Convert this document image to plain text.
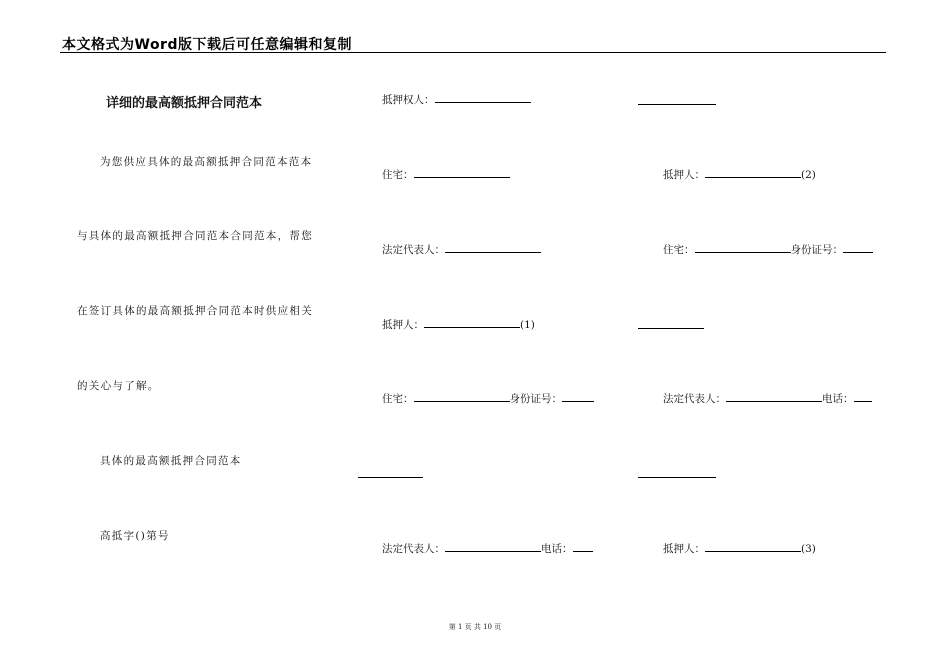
本文格式为Word版下载后可任意编辑和复制
详细的最高额抵押合同范本
为您供应具体的最高额抵押合同范本范本
与具体的最高额抵押合同范本合同范本，帮您
在签订具体的最高额抵押合同范本时供应相关
的关心与了解。
具体的最高额抵押合同范本
高抵字()第号
抵押权人：
住宅：
法定代表人：
抵押人：	(1)
住宅：	身份证号：
法定代表人：	电话：
抵押人：	(2)
住宅：	身份证号：
法定代表人：	电话：
抵押人：	(3)
第 1 页 共 10 页
